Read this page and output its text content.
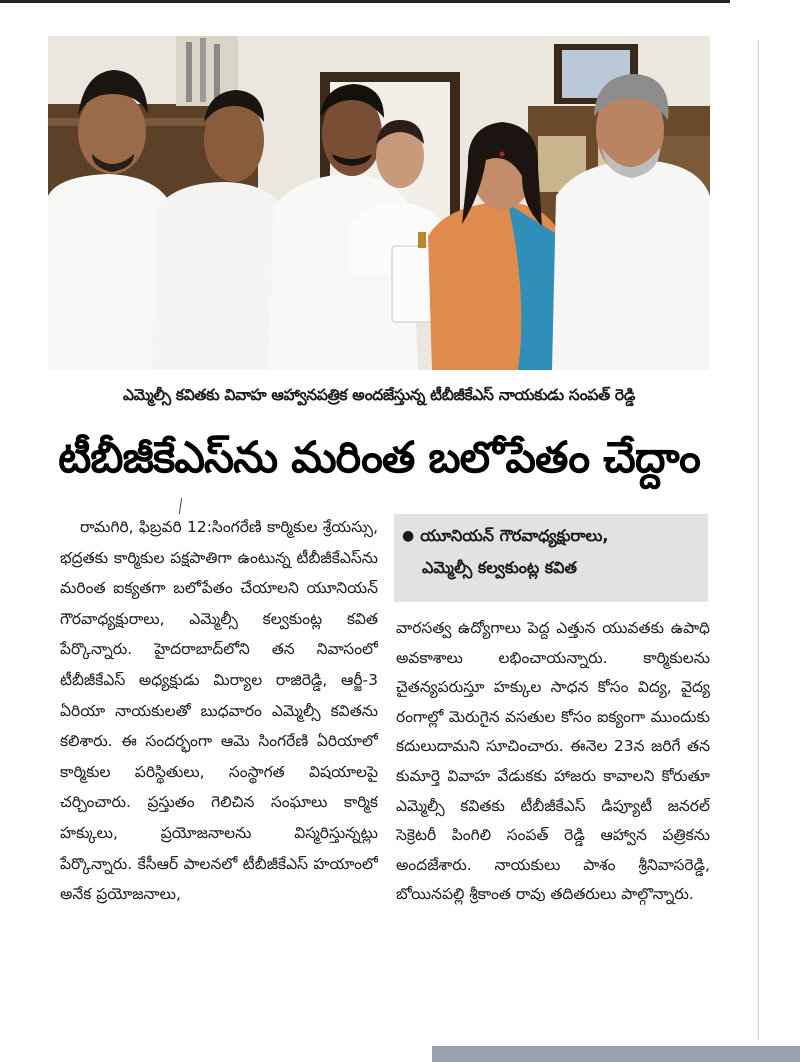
ఎమ్మెల్సీ కవితకు వివాహ ఆహ్వానపత్రిక అందజేస్తున్న టీబీజీకేఎస్ నాయకుడు సంపత్ రెడ్డి
టీబీజీకేఎస్‌ను మరింత బలోపేతం చేద్దాం

రామగిరి, ఫిబ్రవరి 12:సింగరేణి కార్మికుల శ్రేయస్సు, భద్రతకు కార్మికుల పక్షపాతిగా ఉంటున్న టీబీజీకేఎస్‌ను మరింత ఐక్యతగా బలోపేతం చేయాలని యూనియన్ గౌరవాధ్యక్షురాలు, ఎమ్మెల్సీ కల్వకుంట్ల కవిత పేర్కొన్నారు. హైదరాబాద్‌లోని తన నివాసంలో టీబీజీకేఎస్ అధ్యక్షుడు మిర్యాల రాజిరెడ్డి, ఆర్జీ-3 ఏరియా నాయకులతో బుధవారం ఎమ్మెల్సీ కవితను కలిశారు. ఈ సందర్భంగా ఆమె సింగరేణి ఏరియాలో కార్మికుల పరిస్థితులు, సంస్థాగత విషయాలపై చర్చించారు. ప్రస్తుతం గెలిచిన సంఘాలు కార్మిక హక్కులు, ప్రయోజనాలను విస్మరిస్తున్నట్లు పేర్కొన్నారు. కేసీఆర్ పాలనలో టీబీజీకేఎస్ హయాంలో అనేక ప్రయోజనాలు,

● యూనియన్ గౌరవాధ్యక్షురాలు,
ఎమ్మెల్సీ కల్వకుంట్ల కవిత

వారసత్వ ఉద్యోగాలు పెద్ద ఎత్తున యువతకు ఉపాధి అవకాశాలు లభించాయన్నారు. కార్మికులను చైతన్యపరుస్తూ హక్కుల సాధన కోసం విద్య, వైద్య రంగాల్లో మెరుగైన వసతుల కోసం ఐక్యంగా ముందుకు కదులుదామని సూచించారు. ఈనెల 23న జరిగే తన కుమార్తె వివాహ వేడుకకు హాజరు కావాలని కోరుతూ ఎమ్మెల్సీ కవితకు టీబీజీకేఎస్ డిప్యూటీ జనరల్ సెక్రెటరీ పింగిలి సంపత్ రెడ్డి ఆహ్వాన పత్రికను అందజేశారు. నాయకులు పాశం శ్రీనివాసరెడ్డి, బోయినపల్లి శ్రీకాంత రావు తదితరులు పాల్గొన్నారు.
